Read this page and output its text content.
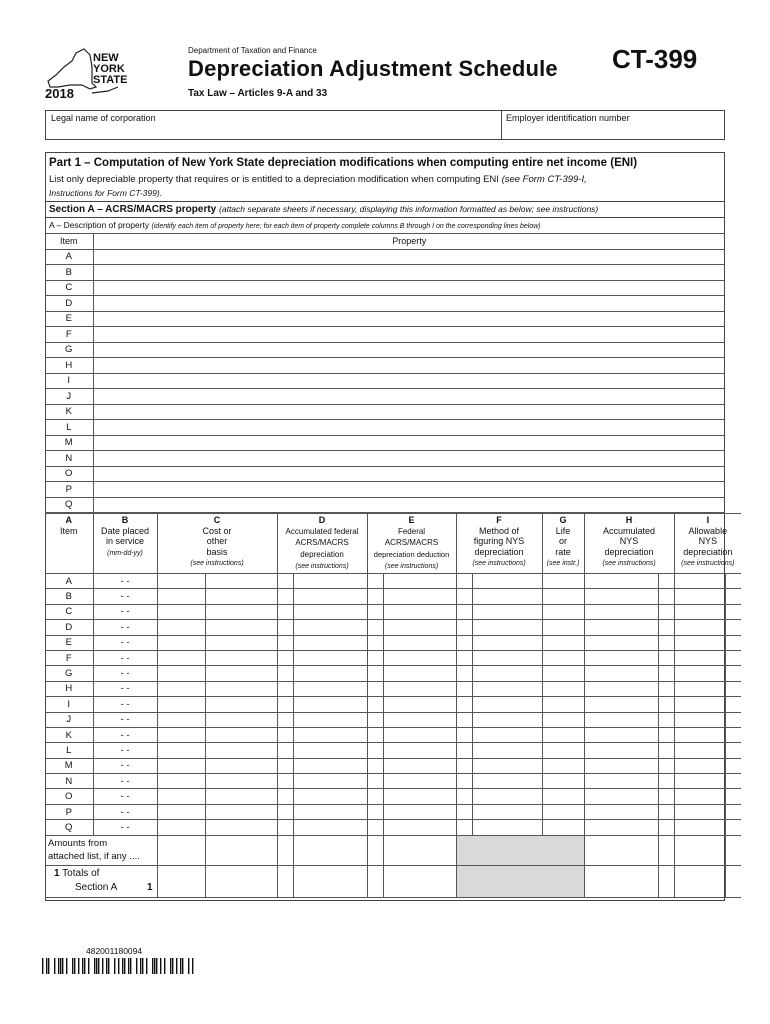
NEW
YORK
STATE
2018
Department of Taxation and Finance
Depreciation Adjustment Schedule
Tax Law – Articles 9-A and 33
CT-399
Legal name of corporation	Employer identification number
Part 1 – Computation of New York State depreciation modifications when computing entire net income (ENI)
List only depreciable property that requires or is entitled to a depreciation modification when computing ENI (see Form CT-399-I,
Instructions for Form CT-399).
Section A – ACRS/MACRS property (attach separate sheets if necessary, displaying this information formatted as below; see instructions)
A – Description of property (identify each item of property here; for each item of property complete columns B through I on the corresponding lines below)
Item	Property
A	
B	
C	
D	
E	
F	
G	
H	
I	
J	
K	
L	
M	
N	
O	
P	
Q	
A
Item	B
Date placed
in service
(mm-dd-yy)	C
Cost or
other
basis
(see instructions)		D
Accumulated federal
ACRS/MACRS
depreciation
(see instructions)		E
Federal
ACRS/MACRS
depreciation deduction
(see instructions)		F
Method of
figuring NYS
depreciation
(see instructions)		G
Life
or
rate
(see instr.)	H
Accumulated
NYS
depreciation
(see instructions)		I
Allowable
NYS
depreciation
(see instructions)	
A	- -													
B	- -													
C	- -													
D	- -													
E	- -													
F	- -													
G	- -													
H	- -													
I	- -													
J	- -													
K	- -													
L	- -													
M	- -													
N	- -													
O	- -													
P	- -													
Q	- -													
Amounts from
attached list, if any ....														
1 Totals of
Section A 1														

482001180094
